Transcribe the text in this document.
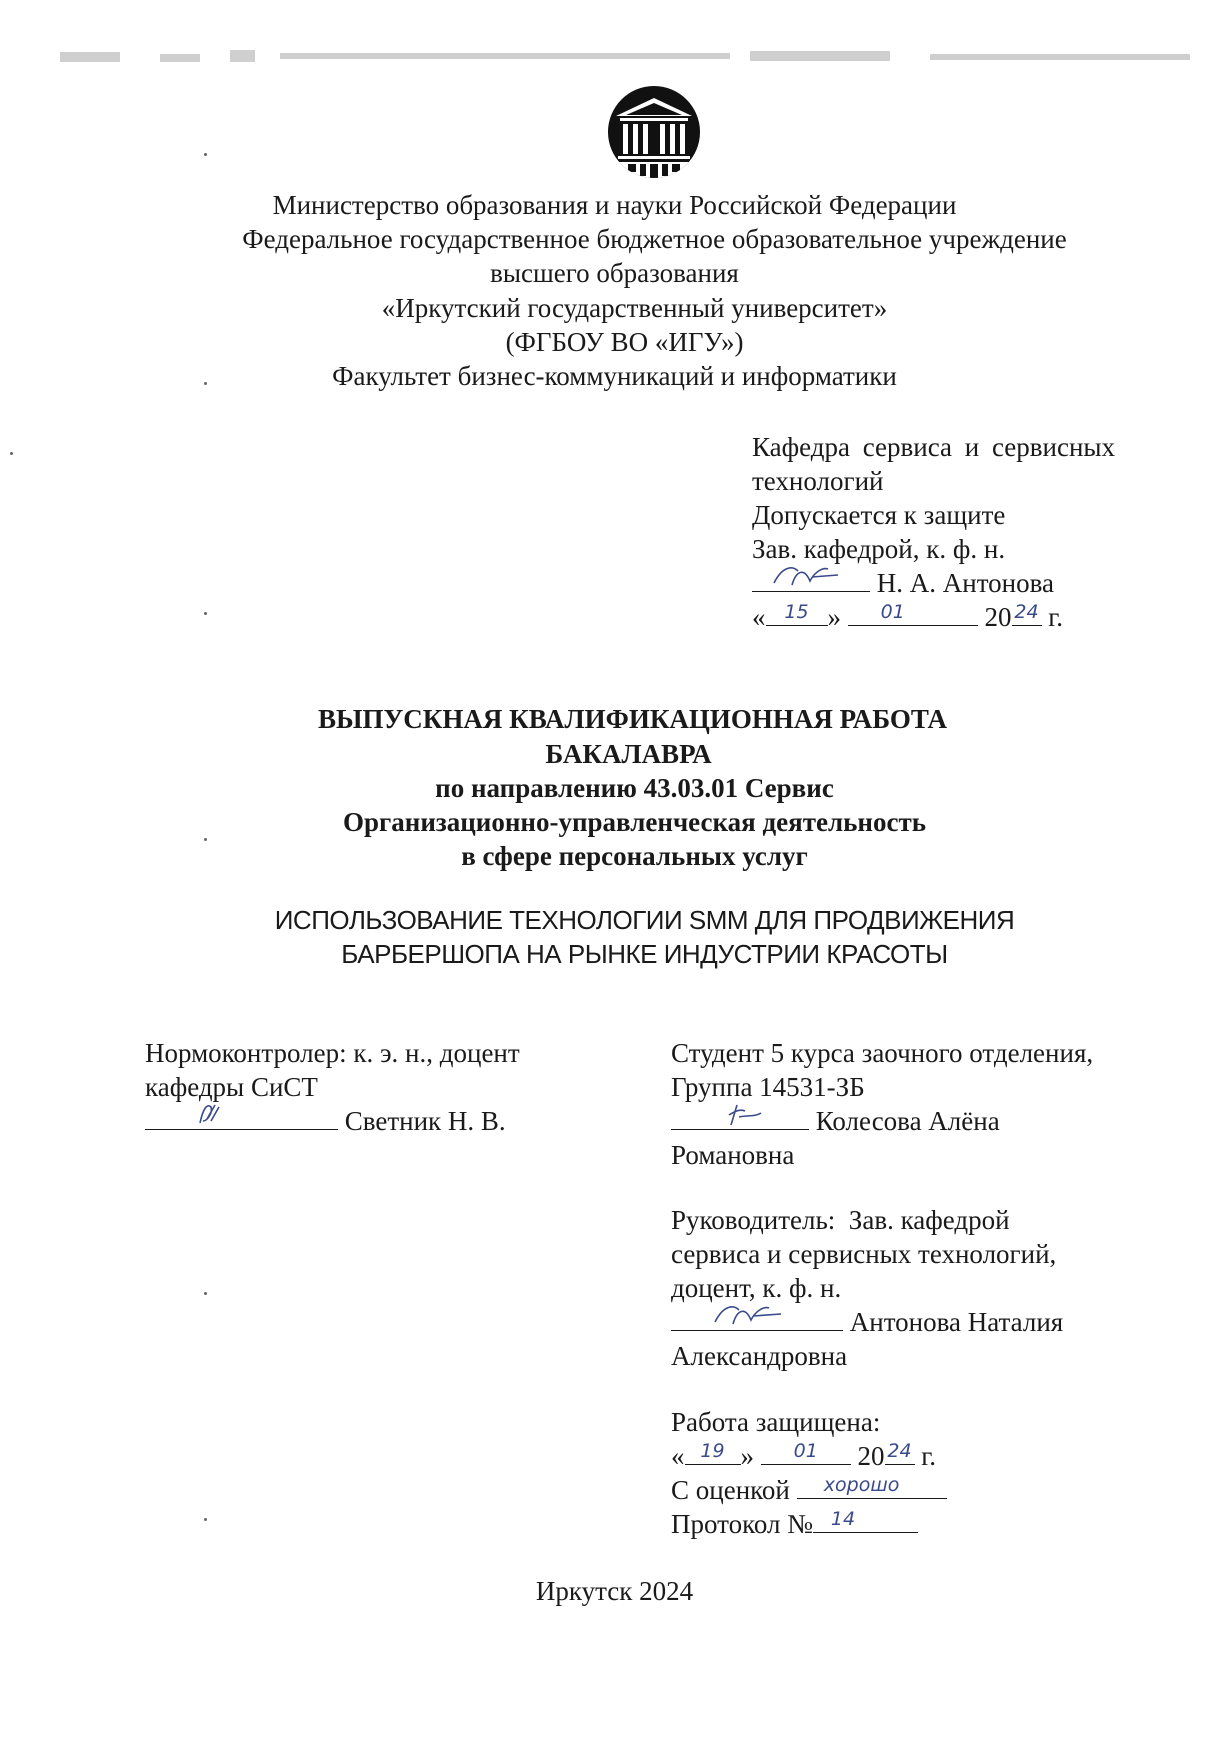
Министерство образования и науки Российской Федерации
Федеральное государственное бюджетное образовательное учреждение
высшего образования
«Иркутский государственный университет»
(ФГБОУ ВО «ИГУ»)
Факультет бизнес-коммуникаций и информатики
Кафедра сервиса и сервисных
технологий
Допускается к защите
Зав. кафедрой, к. ф. н.
Н. А. Антонова
« 15 »	01	20 24 г.
ВЫПУСКНАЯ КВАЛИФИКАЦИОННАЯ РАБОТА
БАКАЛАВРА
по направлению 43.03.01 Сервис
Организационно-управленческая деятельность
в сфере персональных услуг
ИСПОЛЬЗОВАНИЕ ТЕХНОЛОГИИ SMM ДЛЯ ПРОДВИЖЕНИЯ
БАРБЕРШОПА НА РЫНКЕ ИНДУСТРИИ КРАСОТЫ
Нормоконтролер: к. э. н., доцент
кафедры СиСТ
Светник Н. В.
Студент 5 курса заочного отделения,
Группа 14531-ЗБ
Колесова Алёна
Романовна
Руководитель:  Зав. кафедрой
сервиса и сервисных технологий,
доцент, к. ф. н.
Антонова Наталия
Александровна
Работа защищена:
« 19 »	01	20 24 г.
С оценкой	хорошо
Протокол № 14
Иркутск 2024
